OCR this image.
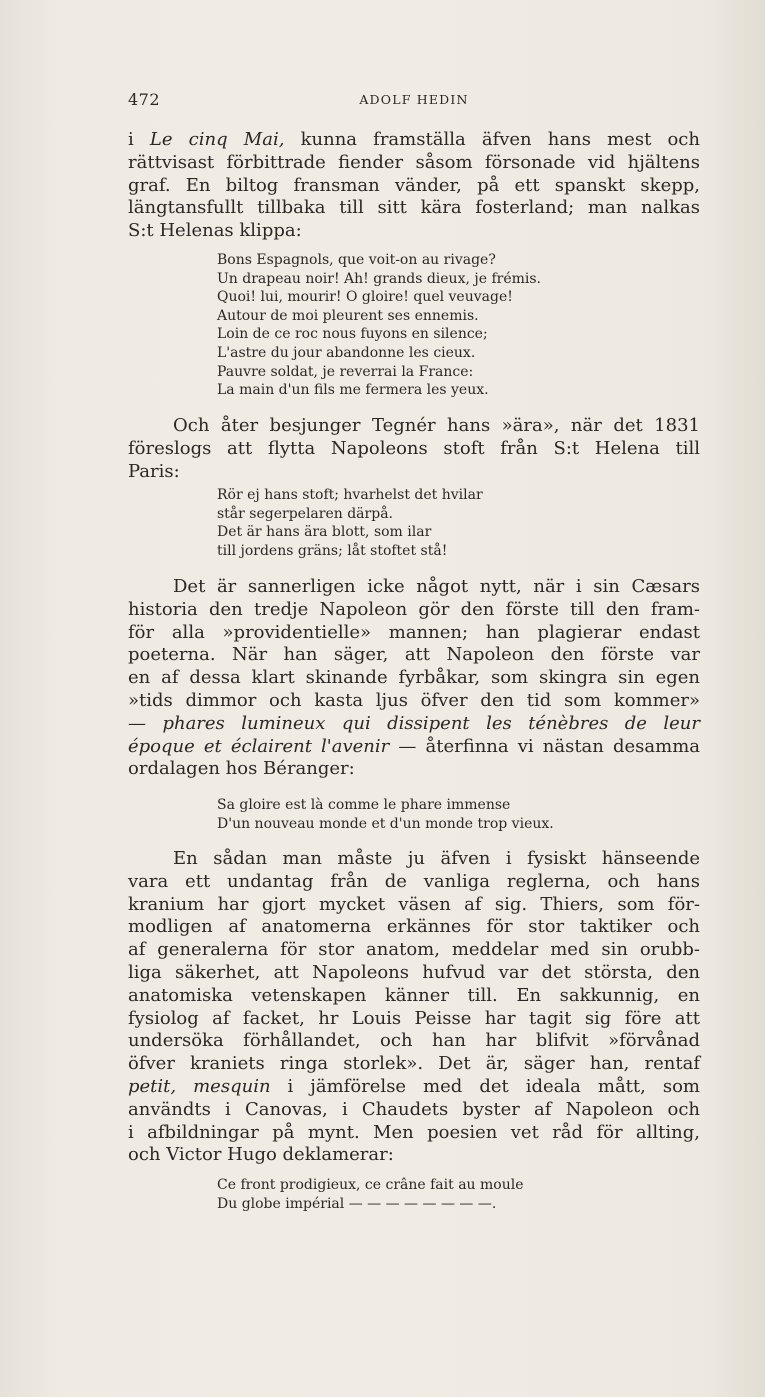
472	ADOLF HEDIN
i Le cinq Mai, kunna framställa äfven hans mest och
rättvisast förbittrade fiender såsom försonade vid hjältens
graf. En biltog fransman vänder, på ett spanskt skepp,
längtansfullt tillbaka till sitt kära fosterland; man nalkas
S:t Helenas klippa:
Bons Espagnols, que voit-on au rivage?
Un drapeau noir! Ah! grands dieux, je frémis.
Quoi! lui, mourir! O gloire! quel veuvage!
Autour de moi pleurent ses ennemis.
Loin de ce roc nous fuyons en silence;
L'astre du jour abandonne les cieux.
Pauvre soldat, je reverrai la France:
La main d'un fils me fermera les yeux.
Och åter besjunger Tegnér hans »ära», när det 1831
föreslogs att flytta Napoleons stoft från S:t Helena till
Paris:
Rör ej hans stoft; hvarhelst det hvilar
står segerpelaren därpå.
Det är hans ära blott, som ilar
till jordens gräns; låt stoftet stå!
Det är sannerligen icke något nytt, när i sin Cæsars
historia den tredje Napoleon gör den förste till den fram-
för alla »providentielle» mannen; han plagierar endast
poeterna. När han säger, att Napoleon den förste var
en af dessa klart skinande fyrbåkar, som skingra sin egen
»tids dimmor och kasta ljus öfver den tid som kommer»
— phares lumineux qui dissipent les ténèbres de leur
époque et éclairent l'avenir — återfinna vi nästan desamma
ordalagen hos Béranger:
Sa gloire est là comme le phare immense
D'un nouveau monde et d'un monde trop vieux.
En sådan man måste ju äfven i fysiskt hänseende
vara ett undantag från de vanliga reglerna, och hans
kranium har gjort mycket väsen af sig. Thiers, som för-
modligen af anatomerna erkännes för stor taktiker och
af generalerna för stor anatom, meddelar med sin orubb-
liga säkerhet, att Napoleons hufvud var det största, den
anatomiska vetenskapen känner till. En sakkunnig, en
fysiolog af facket, hr Louis Peisse har tagit sig före att
undersöka förhållandet, och han har blifvit »förvånad
öfver kraniets ringa storlek». Det är, säger han, rentaf
petit, mesquin i jämförelse med det ideala mått, som
användts i Canovas, i Chaudets byster af Napoleon och
i afbildningar på mynt. Men poesien vet råd för allting,
och Victor Hugo deklamerar:
Ce front prodigieux, ce crâne fait au moule
Du globe impérial — — — — — — — —.
